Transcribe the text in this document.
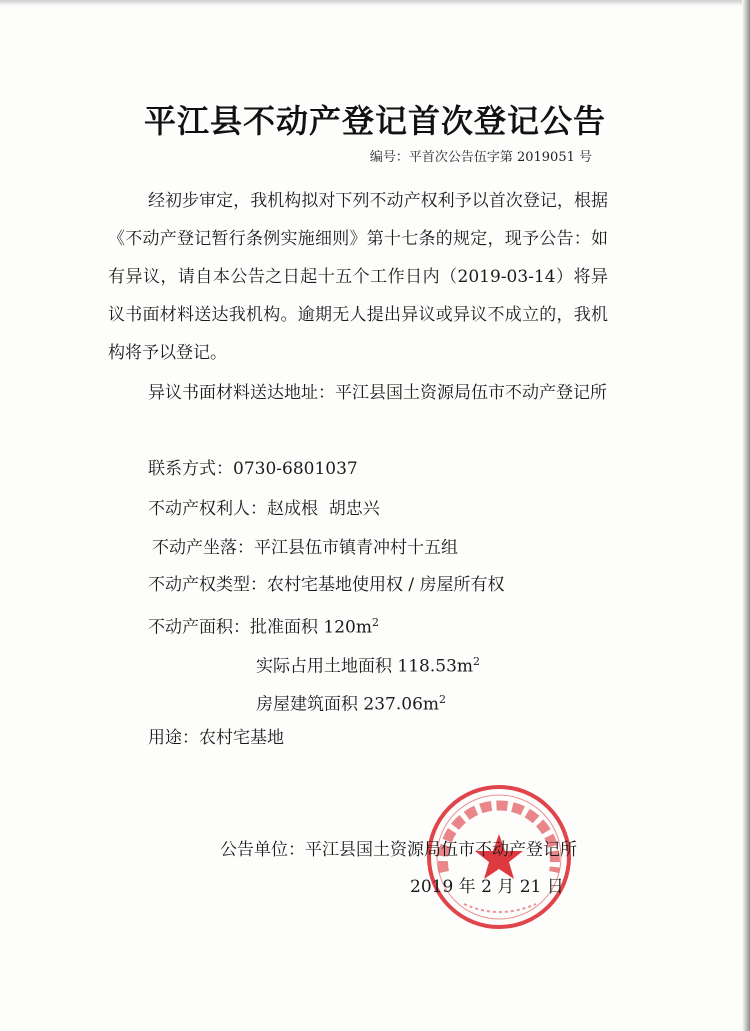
平江县不动产登记首次登记公告
编号：平首次公告伍字第 2019051 号
经初步审定，我机构拟对下列不动产权利予以首次登记，根据《不动产登记暂行条例实施细则》第十七条的规定，现予公告：如有异议，请自本公告之日起十五个工作日内（2019-03-14）将异议书面材料送达我机构。逾期无人提出异议或异议不成立的，我机构将予以登记。
异议书面材料送达地址：平江县国土资源局伍市不动产登记所
联系方式：0730-6801037
不动产权利人：赵成根  胡忠兴
不动产坐落：平江县伍市镇青冲村十五组
不动产权类型：农村宅基地使用权 / 房屋所有权
不动产面积：批准面积 $120m^2$
实际占用土地面积 $118.53m^2$
房屋建筑面积 $237.06m^2$
用途：农村宅基地
公告单位：平江县国土资源局伍市不动产登记所
2019 年 2 月 21 日
